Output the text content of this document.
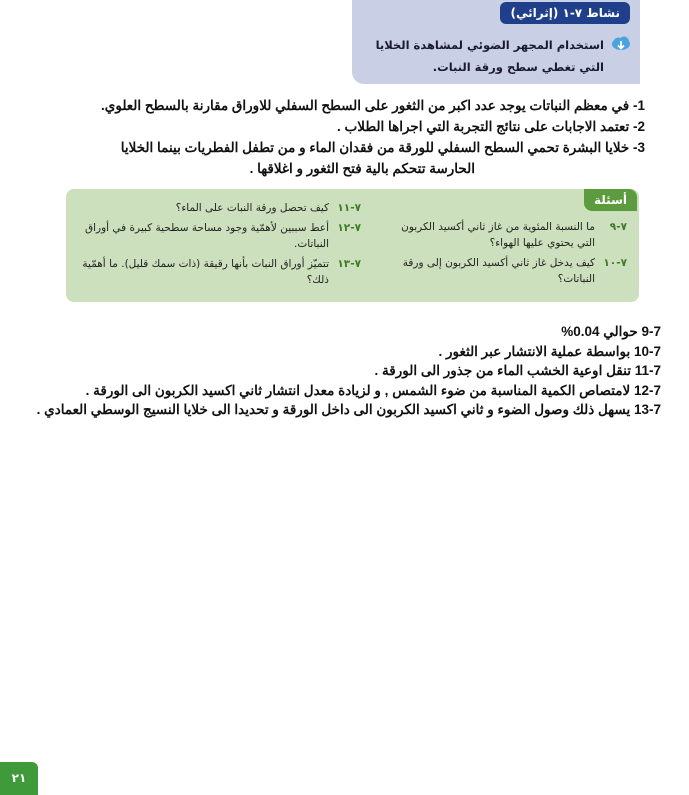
نشاط ٧-١ (إثرائي)
استخدام المجهر الضوئي لمشاهدة الخلايا التي تغطي سطح ورقة النبات.
1- في معظم النباتات يوجد عدد اكبر من الثغور على السطح السفلي للاوراق مقارنة بالسطح العلوي.
2- تعتمد الاجابات على نتائج التجربة التي اجراها الطلاب .
3- خلايا البشرة تحمي السطح السفلي للورقة من فقدان الماء و من تطفل الفطريات بينما الخلايا
الحارسة تتحكم بالية فتح الثغور و اغلاقها .
أسئلة
٧-٩
ما النسبة المئوية من غاز ثاني أكسيد الكربون التي يحتوي عليها الهواء؟
٧-١٠
كيف يدخل غاز ثاني أكسيد الكربون إلى ورقة النباتات؟
٧-١١
كيف تحصل ورقة النبات على الماء؟
٧-١٢
أعط سببين لأهمّية وجود مساحة سطحية كبيرة في أوراق النباتات.
٧-١٣
تتميّز أوراق النبات بأنها رقيقة (ذات سمك قليل). ما أهمّية ذلك؟
9-7 حوالي 0.04%
10-7 بواسطة عملية الانتشار عبر الثغور .
11-7 تنقل اوعية الخشب الماء من جذور الى الورقة .
12-7 لامتصاص الكمية المناسبة من ضوء الشمس , و لزيادة معدل انتشار ثاني اكسيد الكربون الى الورقة .
13-7 يسهل ذلك وصول الضوء و ثاني اكسيد الكربون الى داخل الورقة و تحديدا الى خلايا النسيج الوسطي العمادي .
٢١
